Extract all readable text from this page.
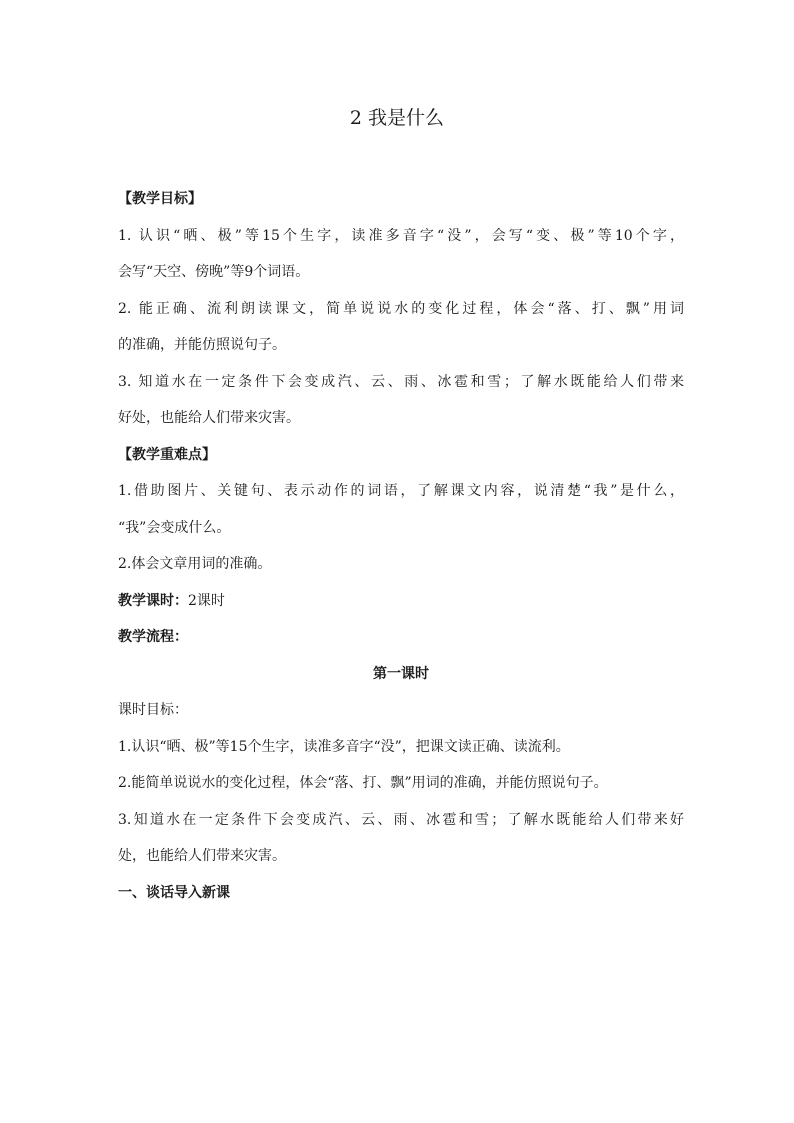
2 我是什么
【教学目标】
1. 认识“晒、极”等15个生字，读准多音字“没”，会写“变、极”等10个字，
会写“天空、傍晚”等9个词语。
2. 能正确、流利朗读课文，简单说说水的变化过程，体会“落、打、飘”用词
的准确，并能仿照说句子。
3. 知道水在一定条件下会变成汽、云、雨、冰雹和雪；了解水既能给人们带来
好处，也能给人们带来灾害。
【教学重难点】
1.借助图片、关键句、表示动作的词语，了解课文内容，说清楚“我”是什么，
“我”会变成什么。
2.体会文章用词的准确。
教学课时：2课时
教学流程：
第一课时
课时目标：
1.认识“晒、极”等15个生字，读准多音字“没”，把课文读正确、读流利。
2.能简单说说水的变化过程，体会“落、打、飘”用词的准确，并能仿照说句子。
3.知道水在一定条件下会变成汽、云、雨、冰雹和雪；了解水既能给人们带来好
处，也能给人们带来灾害。
一、谈话导入新课
